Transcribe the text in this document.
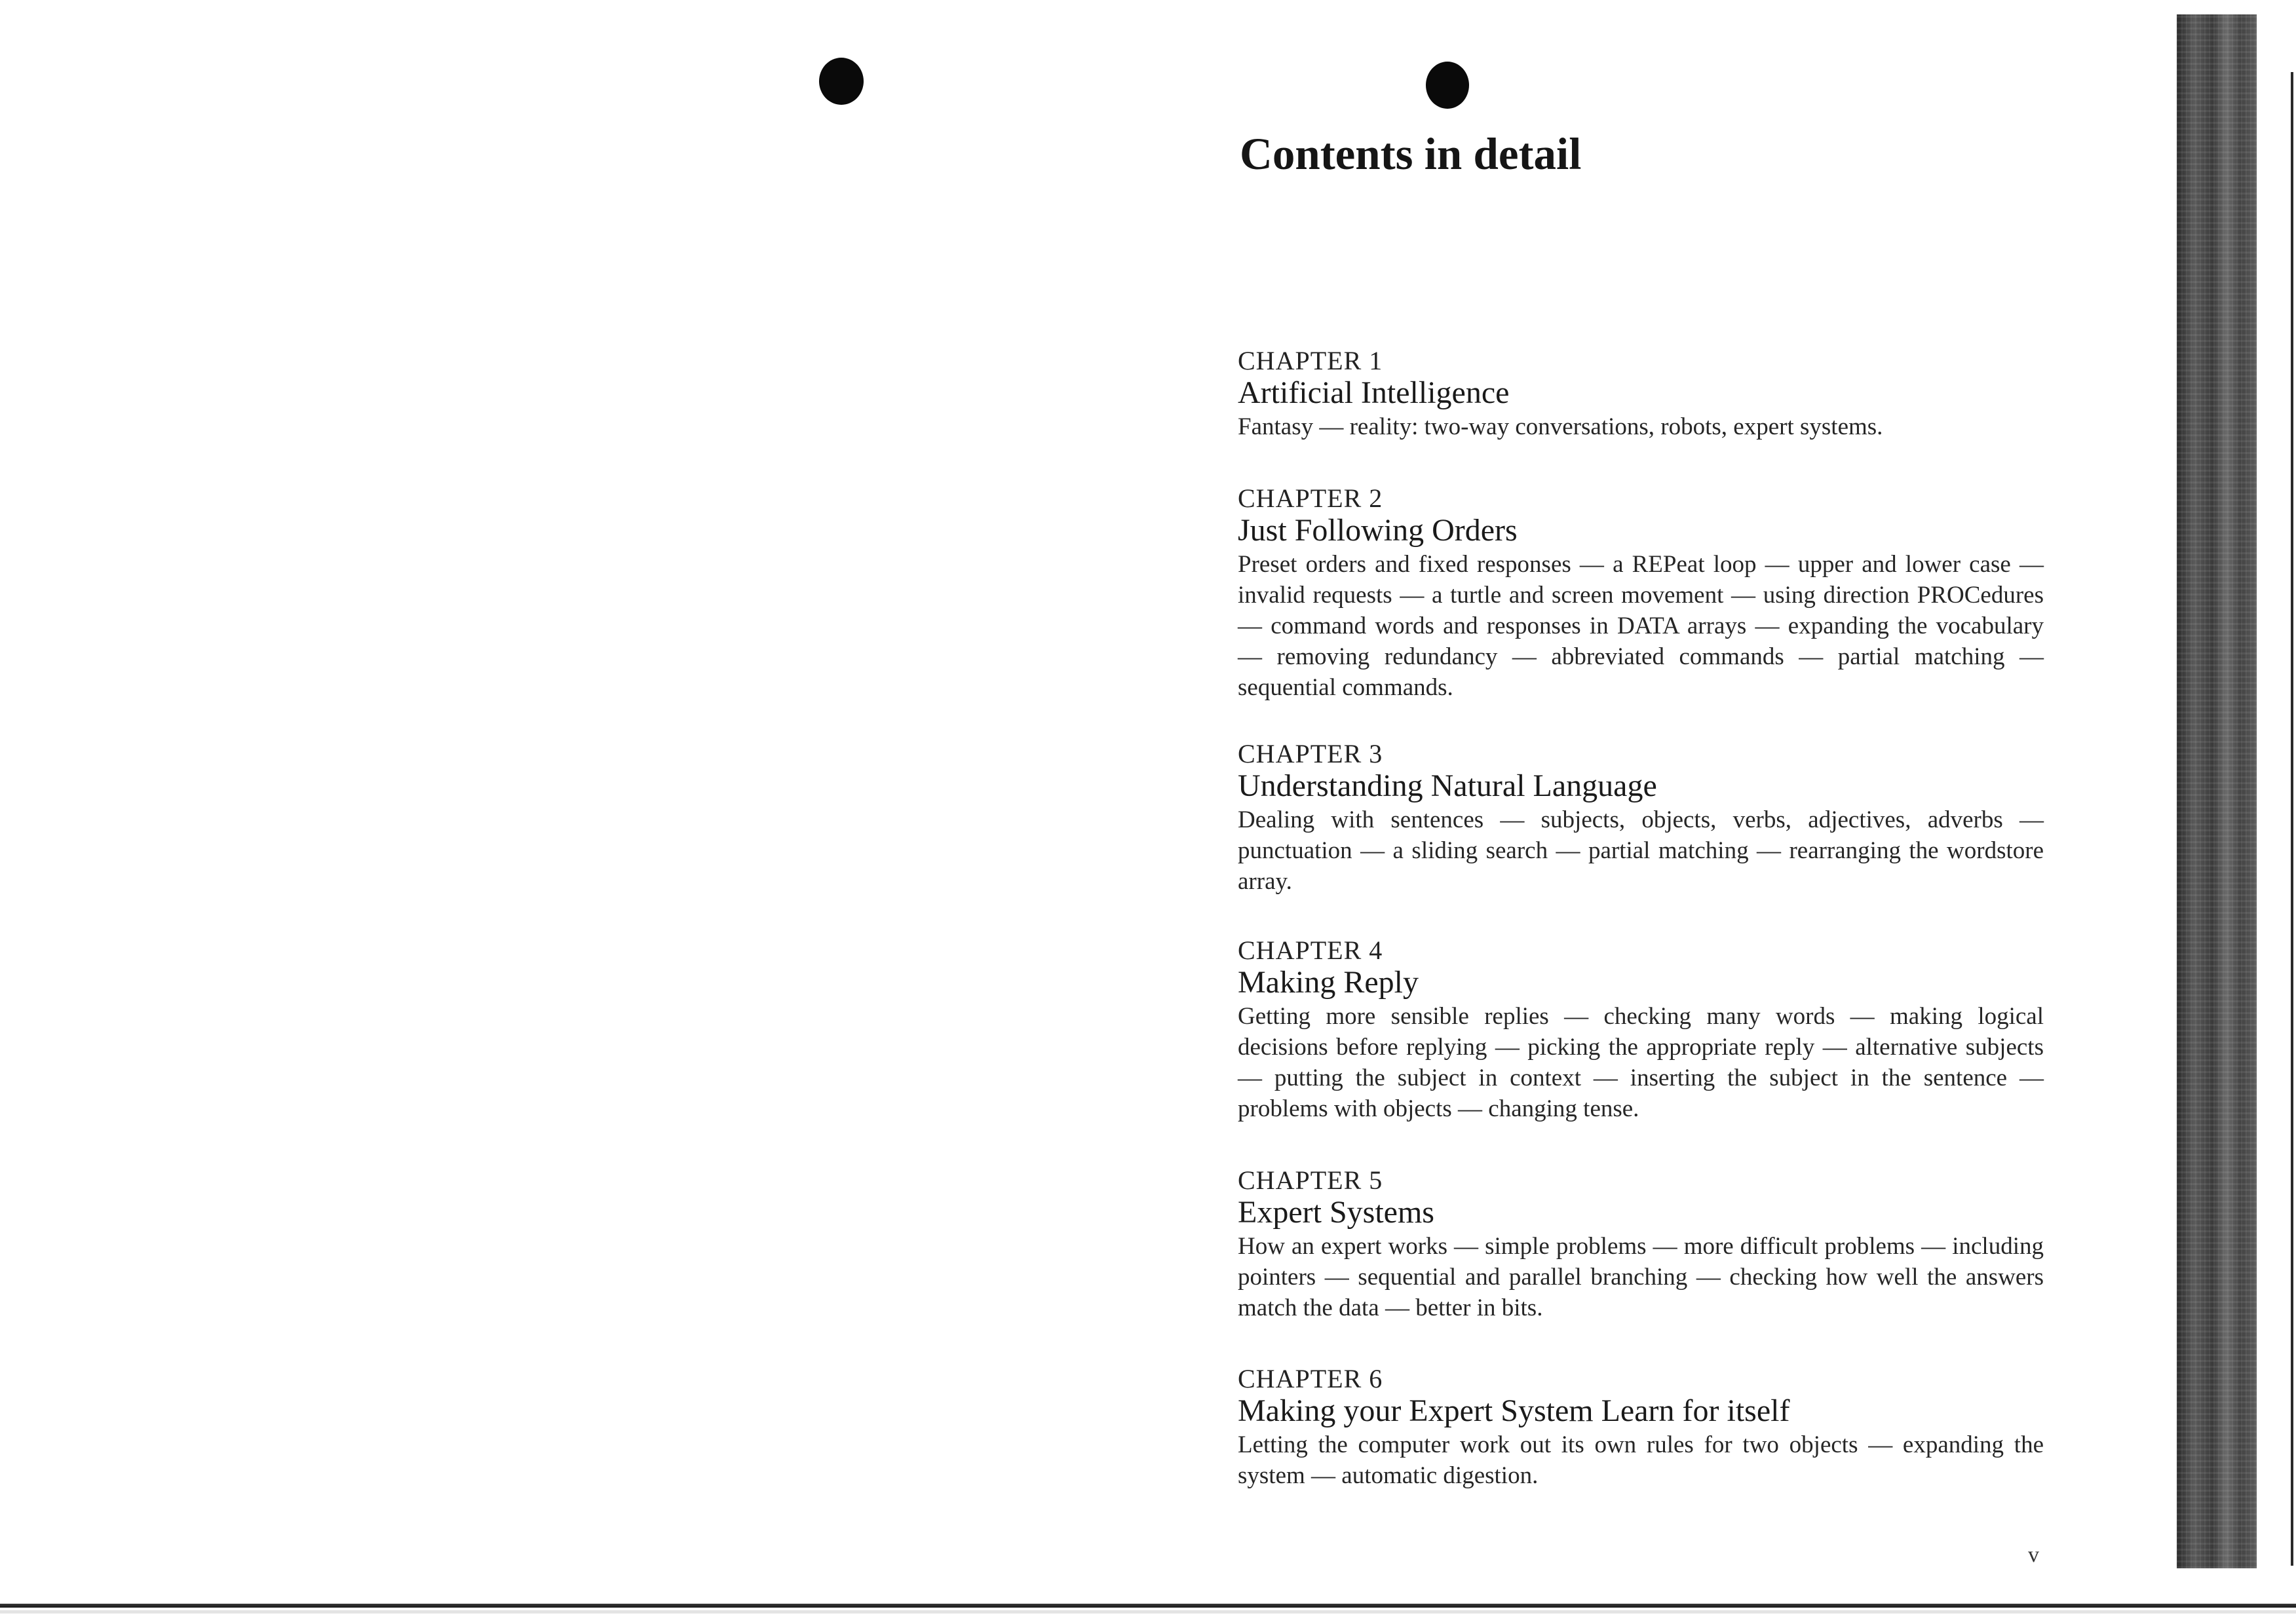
Contents in detail
CHAPTER 1
Artificial Intelligence

Fantasy — reality: two-way conversations, robots, expert systems.

CHAPTER 2
Just Following Orders

Preset orders and fixed responses — a REPeat loop — upper and lower case — invalid requests — a turtle and screen movement — using direction PROCedures — command words and responses in DATA arrays — expanding the vocabulary — removing redundancy — abbreviated commands — partial matching — sequential commands.

CHAPTER 3
Understanding Natural Language

Dealing with sentences — subjects, objects, verbs, adjectives, adverbs — punctuation — a sliding search — partial matching — rearranging the wordstore array.

CHAPTER 4
Making Reply

Getting more sensible replies — checking many words — making logical decisions before replying — picking the appropriate reply — alternative subjects — putting the subject in context — inserting the subject in the sentence — problems with objects — changing tense.

CHAPTER 5
Expert Systems

How an expert works — simple problems — more difficult problems — including pointers — sequential and parallel branching — checking how well the answers match the data — better in bits.

CHAPTER 6
Making your Expert System Learn for itself

Letting the computer work out its own rules for two objects — expanding the system — automatic digestion.

v
